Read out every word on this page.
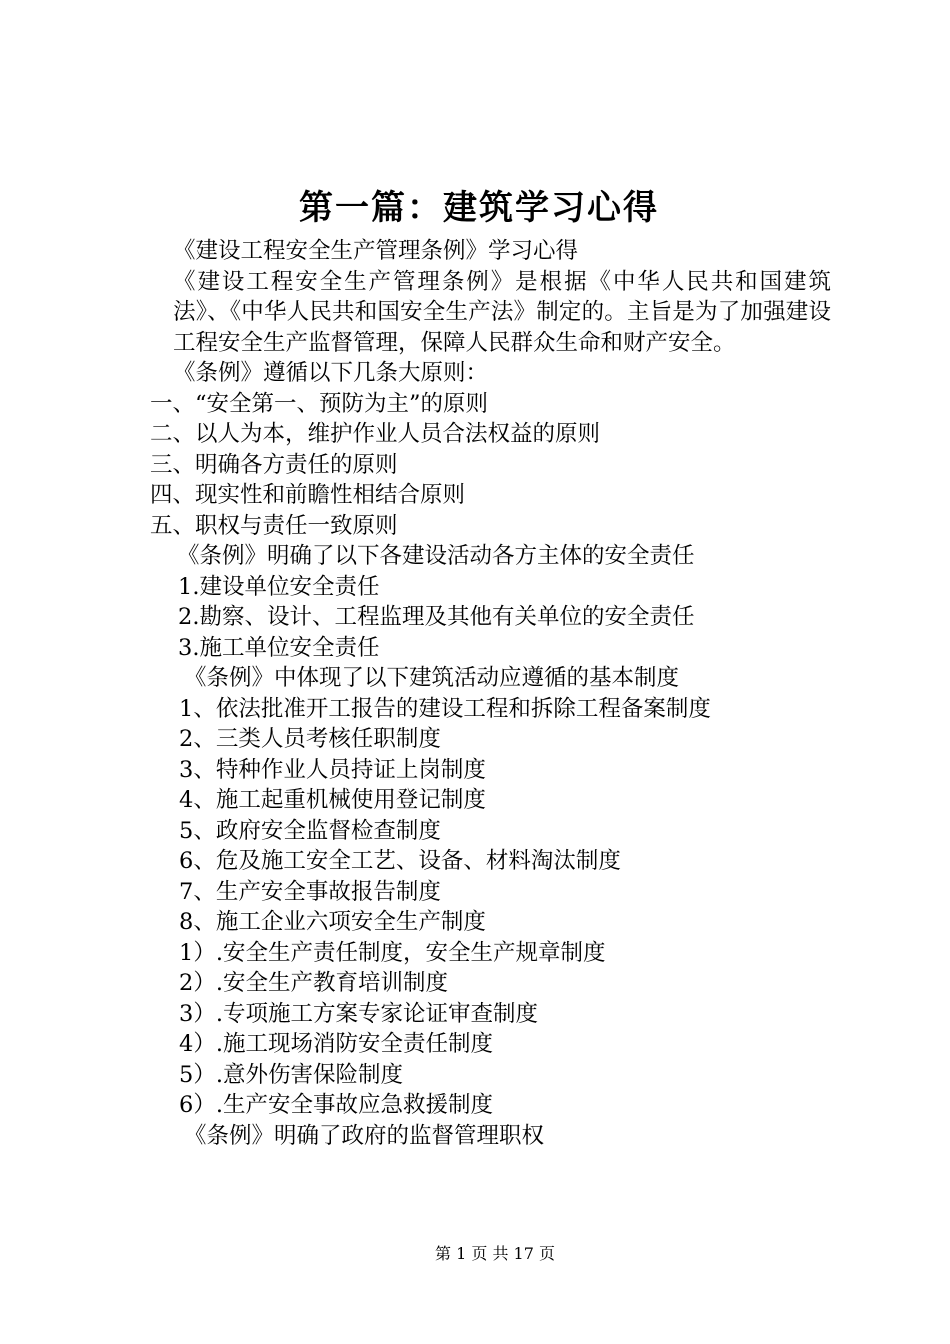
第一篇：建筑学习心得

《建设工程安全生产管理条例》学习心得

《建设工程安全生产管理条例》是根据《中华人民共和国建筑法》、《中华人民共和国安全生产法》制定的。主旨是为了加强建设工程安全生产监督管理，保障人民群众生命和财产安全。

《条例》遵循以下几条大原则：

一、“安全第一、预防为主”的原则

二、以人为本，维护作业人员合法权益的原则

三、明确各方责任的原则

四、现实性和前瞻性相结合原则

五、职权与责任一致原则

《条例》明确了以下各建设活动各方主体的安全责任

1.建设单位安全责任

2.勘察、设计、工程监理及其他有关单位的安全责任

3.施工单位安全责任

《条例》中体现了以下建筑活动应遵循的基本制度

1、依法批准开工报告的建设工程和拆除工程备案制度

2、三类人员考核任职制度

3、特种作业人员持证上岗制度

4、施工起重机械使用登记制度

5、政府安全监督检查制度

6、危及施工安全工艺、设备、材料淘汰制度

7、生产安全事故报告制度

8、施工企业六项安全生产制度

1）.安全生产责任制度，安全生产规章制度

2）.安全生产教育培训制度

3）.专项施工方案专家论证审查制度

4）.施工现场消防安全责任制度

5）.意外伤害保险制度

6）.生产安全事故应急救援制度

《条例》明确了政府的监督管理职权

第 1 页 共 17 页
